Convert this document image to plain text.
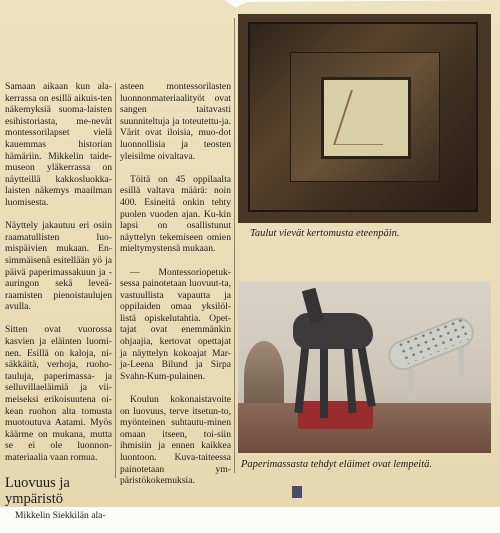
Samaan aikaan kun ala-kerrassa on esillä aikuis-ten näkemyksiä suoma-laisten esihistoriasta, me-nevät montessorilapset vielä kauemmas historian hämäriin. Mikkelin taide-museon yläkerrassa on näytteillä kakkosluokka-laisten näkemys maailman luomisesta.

Näyttely jakautuu eri osiin raamatullisten luo-mispäivien mukaan. En-simmäisenä esitellään yö ja päivä paperimassakuun ja -auringon sekä leveä-raamisten pienoistaulujen avulla.

Sitten ovat vuorossa kasvien ja eläinten luomi-nen. Esillä on kaloja, ni-säkkäitä, verhoja, ruoho-tauluja, paperimassa- ja selluvillaeläimiä ja vii-meiseksi erikoisuutena oi-kean ruohon alta tomusta muotoutuva Aatami. Myös käärme on mukana, mutta se ei ole luonnon-materiaalia vaan romua.

Luovuus ja ympäristö

Mikkelin Siekkilän ala-

asteen montessorilasten luonnonmateriaalityöt ovat sangen taitavasti suunniteltuja ja toteutettu-ja. Värit ovat iloisia, muo-dot luonnollisia ja teosten yleisilme oivaltava.

Töitä on 45 oppilaalta esillä valtava määrä: noin 400. Esineitä onkin tehty puolen vuoden ajan. Ku-kin lapsi on osallistunut näyttelyn tekemiseen omien mieltymystensä mukaan.

— Montessoriopetuk-sessa painotetaan luovuut-ta, vastuullista vapautta ja oppilaiden omaa yksilöl-listä opiskelutahtia. Opet-tajat ovat enemmänkin ohjaajia, kertovat opettajat ja näyttelyn kokoajat Mar-ja-Leena Bilund ja Sirpa Svahn-Kum-pulainen.

Koulun kokonaistavoite on luovuus, terve itsetun-to, myönteinen suhtautu-minen omaan itseen, toi-siin ihmisiin ja ennen kaikkea luontoon. Kuva-taiteessa painotetaan ym-päristökokemuksia.

Taulut vievät kertomusta eteenpäin.
Paperimassasta tehdyt eläimet ovat lempeitä.
